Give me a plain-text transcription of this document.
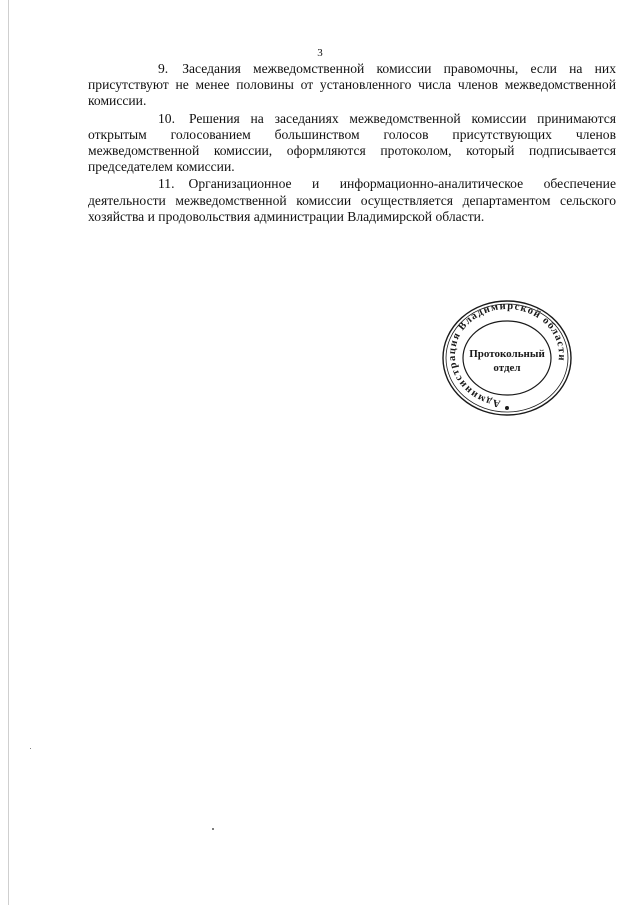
3

9. Заседания межведомственной комиссии правомочны, если на них присутствуют не менее половины от установленного числа членов межведомственной комиссии.

10. Решения на заседаниях межведомственной комиссии принимаются открытым голосованием большинством голосов присутствующих членов межведомственной комиссии, оформляются протоколом, который подписывается председателем комиссии.

11. Организационное и информационно-аналитическое обеспечение деятельности межведомственной комиссии осуществляется департаментом сельского хозяйства и продовольствия администрации Владимирской области.

Администрация Владимирской области
Протокольный
отдел
